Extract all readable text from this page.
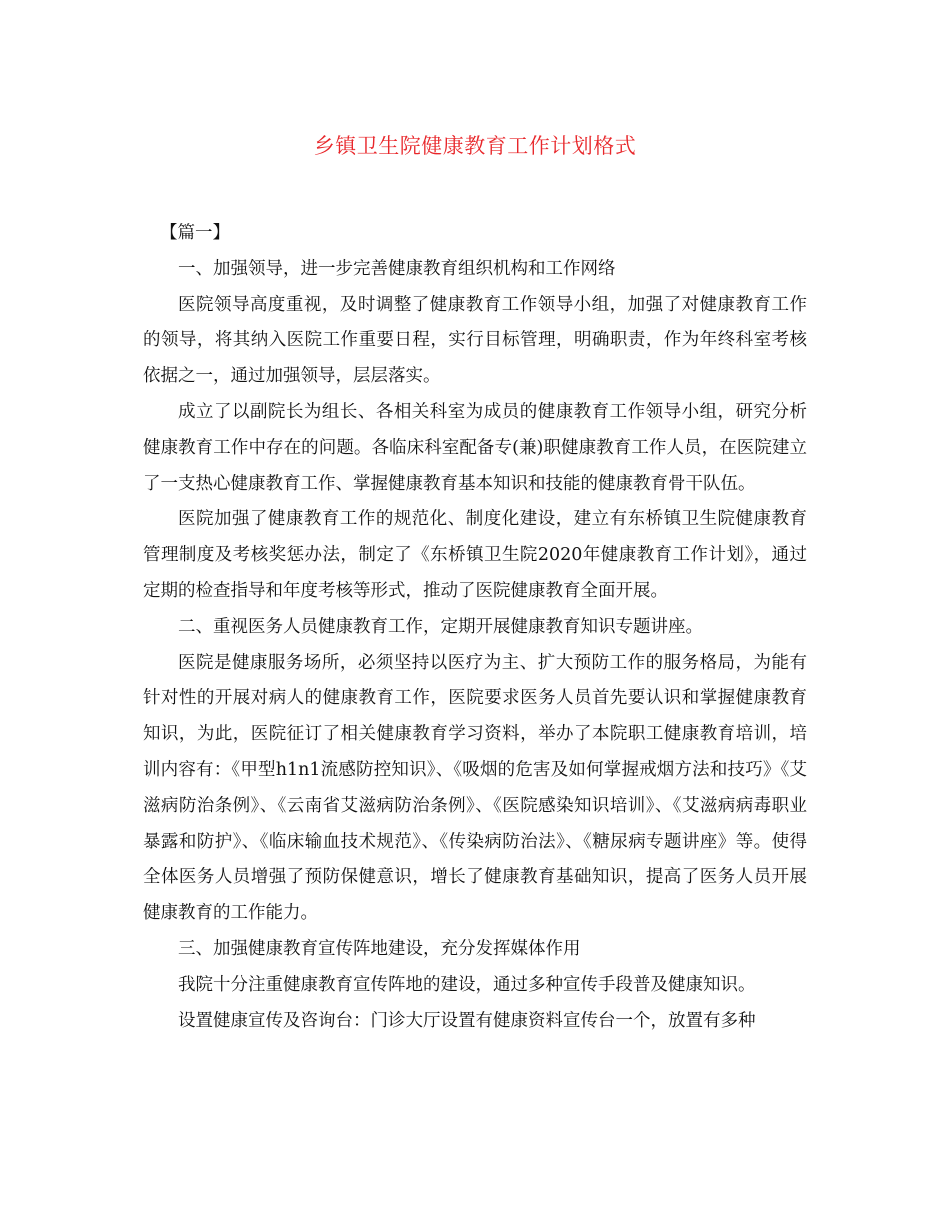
乡镇卫生院健康教育工作计划格式

【篇一】

一、加强领导，进一步完善健康教育组织机构和工作网络

医院领导高度重视，及时调整了健康教育工作领导小组，加强了对健康教育工作的领导，将其纳入医院工作重要日程，实行目标管理，明确职责，作为年终科室考核依据之一，通过加强领导，层层落实。

成立了以副院长为组长、各相关科室为成员的健康教育工作领导小组，研究分析健康教育工作中存在的问题。各临床科室配备专(兼)职健康教育工作人员，在医院建立了一支热心健康教育工作、掌握健康教育基本知识和技能的健康教育骨干队伍。

医院加强了健康教育工作的规范化、制度化建设，建立有东桥镇卫生院健康教育管理制度及考核奖惩办法，制定了《东桥镇卫生院2020年健康教育工作计划》，通过定期的检查指导和年度考核等形式，推动了医院健康教育全面开展。

二、重视医务人员健康教育工作，定期开展健康教育知识专题讲座。

医院是健康服务场所，必须坚持以医疗为主、扩大预防工作的服务格局，为能有针对性的开展对病人的健康教育工作，医院要求医务人员首先要认识和掌握健康教育知识，为此，医院征订了相关健康教育学习资料，举办了本院职工健康教育培训，培训内容有：《甲型h1n1流感防控知识》、《吸烟的危害及如何掌握戒烟方法和技巧》《艾滋病防治条例》、《云南省艾滋病防治条例》、《医院感染知识培训》、《艾滋病病毒职业暴露和防护》、《临床输血技术规范》、《传染病防治法》、《糖尿病专题讲座》等。使得全体医务人员增强了预防保健意识，增长了健康教育基础知识，提高了医务人员开展健康教育的工作能力。

三、加强健康教育宣传阵地建设，充分发挥媒体作用

我院十分注重健康教育宣传阵地的建设，通过多种宣传手段普及健康知识。

设置健康宣传及咨询台：门诊大厅设置有健康资料宣传台一个，放置有多种
